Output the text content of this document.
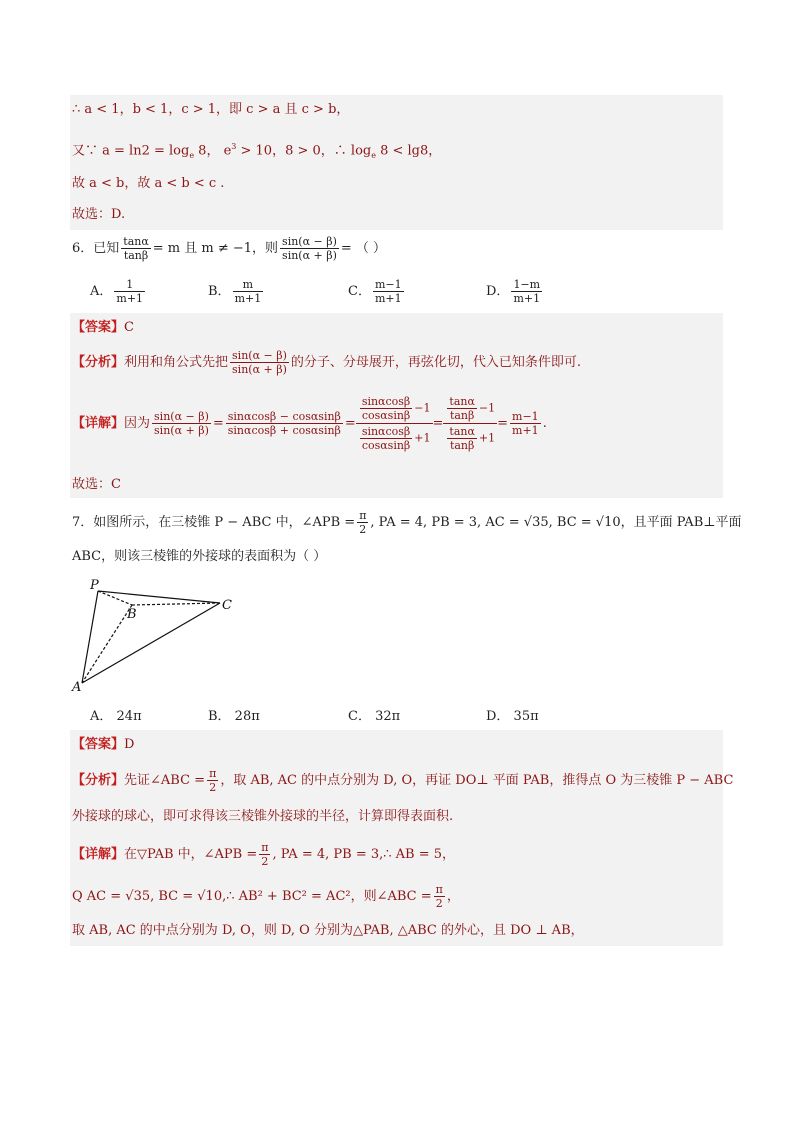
∴ a < 1，b < 1，c > 1，即 c > a 且 c > b，
又∵ $a = \ln 2 = \log_e 8$， $e^3 > 10$，8 > 0，∴ $\log_e 8 < \lg 8$，
故 a < b，故 a < b < c .
故选：D.
6．已知 $\frac{\tan\alpha}{\tan\beta} = m$ 且 m ≠ −1，则 $\frac{\sin(\alpha - \beta)}{\sin(\alpha + \beta)}$ = （ ）
A． $\frac{1}{m+1}$	B． $\frac{m}{m+1}$	C． $\frac{m-1}{m+1}$	D． $\frac{1-m}{m+1}$
【答案】C
【分析】利用和角公式先把 $\frac{\sin(\alpha - \beta)}{\sin(\alpha + \beta)}$ 的分子、分母展开，再弦化切，代入已知条件即可.
【详解】因为 $\frac{\sin(\alpha - \beta)}{\sin(\alpha + \beta)} = \frac{\sin\alpha\cos\beta - \cos\alpha\sin\beta}{\sin\alpha\cos\beta + \cos\alpha\sin\beta} = \frac{\frac{\sin\alpha\cos\beta}{\cos\alpha\sin\beta} -1}{\frac{\sin\alpha\cos\beta}{\cos\alpha\sin\beta} +1} = \frac{\frac{\tan\alpha}{\tan\beta} -1}{\frac{\tan\alpha}{\tan\beta} +1} = \frac{m-1}{m+1}$ .
故选：C
7．如图所示，在三棱锥 P − ABC 中，∠APB = $\frac{\pi}{2}$ , PA = 4, PB = 3, AC = √35, BC = √10，且平面 PAB⊥平面
ABC，则该三棱锥的外接球的表面积为（ ）
P
B
C
A
A． 24π	B． 28π	C． 32π	D． 35π
【答案】D
【分析】先证∠ABC = $\frac{\pi}{2}$ ，取 AB, AC 的中点分别为 D, O，再证 DO⊥ 平面 PAB，推得点 O 为三棱锥 P − ABC
外接球的球心，即可求得该三棱锥外接球的半径，计算即得表面积.
【详解】在▽PAB 中，∠APB = $\frac{\pi}{2}$ , PA = 4, PB = 3,∴ AB = 5，
Q AC = √35, BC = √10,∴ AB² + BC² = AC²，则∠ABC = $\frac{\pi}{2}$ ，
取 AB, AC 的中点分别为 D, O，则 D, O 分别为△PAB, △ABC 的外心，且 DO ⊥ AB，
